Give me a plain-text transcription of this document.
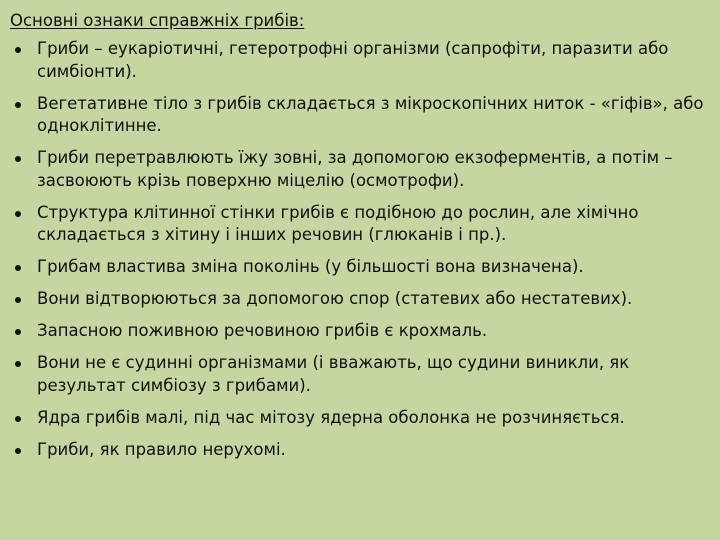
Основні ознаки справжніх грибів:
Гриби – еукаріотичні, гетеротрофні організми (сапрофіти, паразити або симбіонти).
Вегетативне тіло з грибів складається з мікроскопічних ниток - «гіфів», або одноклітинне.
Гриби перетравлюють їжу зовні, за допомогою екзоферментів, а потім – засвоюють крізь поверхню міцелію (осмотрофи).
Структура клітинної стінки грибів є подібною до рослин, але хімічно складається з хітину і інших речовин (глюканів і пр.).
Грибам властива зміна поколінь (у більшості вона визначена).
Вони відтворюються за допомогою спор (статевих або нестатевих).
Запасною поживною речовиною грибів є крохмаль.
Вони не є судинні організмами (і вважають, що судини виникли, як результат симбіозу з грибами).
Ядра грибів малі, під час мітозу ядерна оболонка не розчиняється.
Гриби, як правило нерухомі.
